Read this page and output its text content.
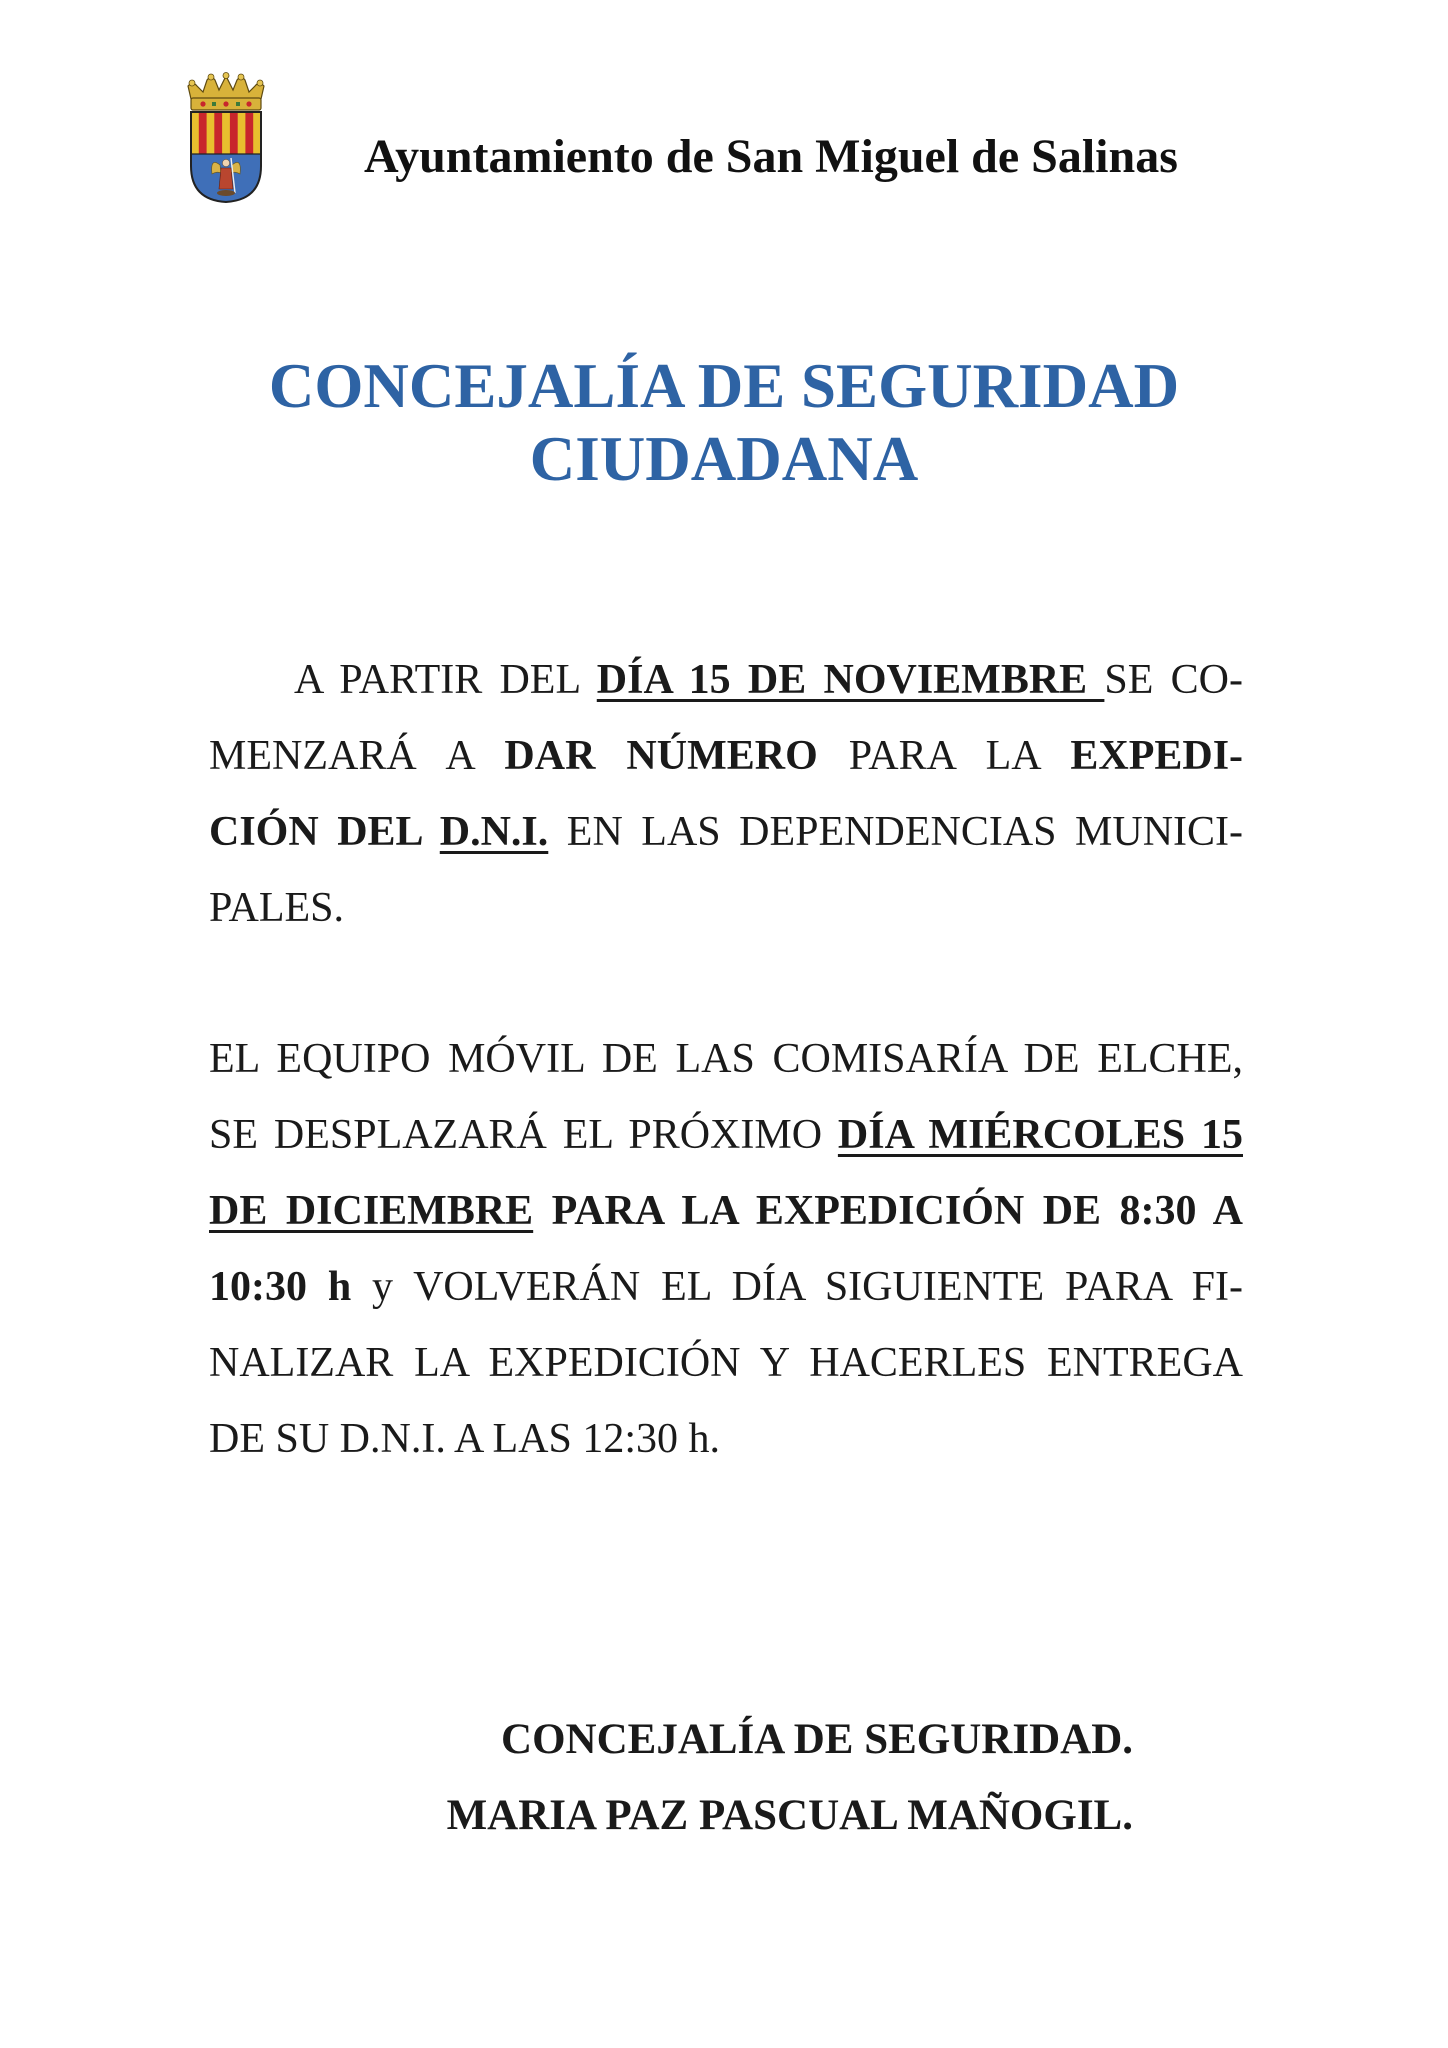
Ayuntamiento de San Miguel de Salinas
CONCEJALÍA DE SEGURIDAD
CIUDADANA
A PARTIR DEL DÍA 15 DE NOVIEMBRE SE CO-
MENZARÁ A DAR NÚMERO PARA LA EXPEDI-
CIÓN DEL D.N.I. EN LAS DEPENDENCIAS MUNICI-
PALES.
EL EQUIPO MÓVIL DE LAS COMISARÍA DE ELCHE,
SE DESPLAZARÁ EL PRÓXIMO DÍA MIÉRCOLES 15
DE DICIEMBRE PARA LA EXPEDICIÓN DE 8:30 A
10:30 h y VOLVERÁN EL DÍA SIGUIENTE PARA FI-
NALIZAR LA EXPEDICIÓN Y HACERLES ENTREGA
DE SU D.N.I. A LAS 12:30 h.
CONCEJALÍA DE SEGURIDAD.
MARIA PAZ PASCUAL MAÑOGIL.
